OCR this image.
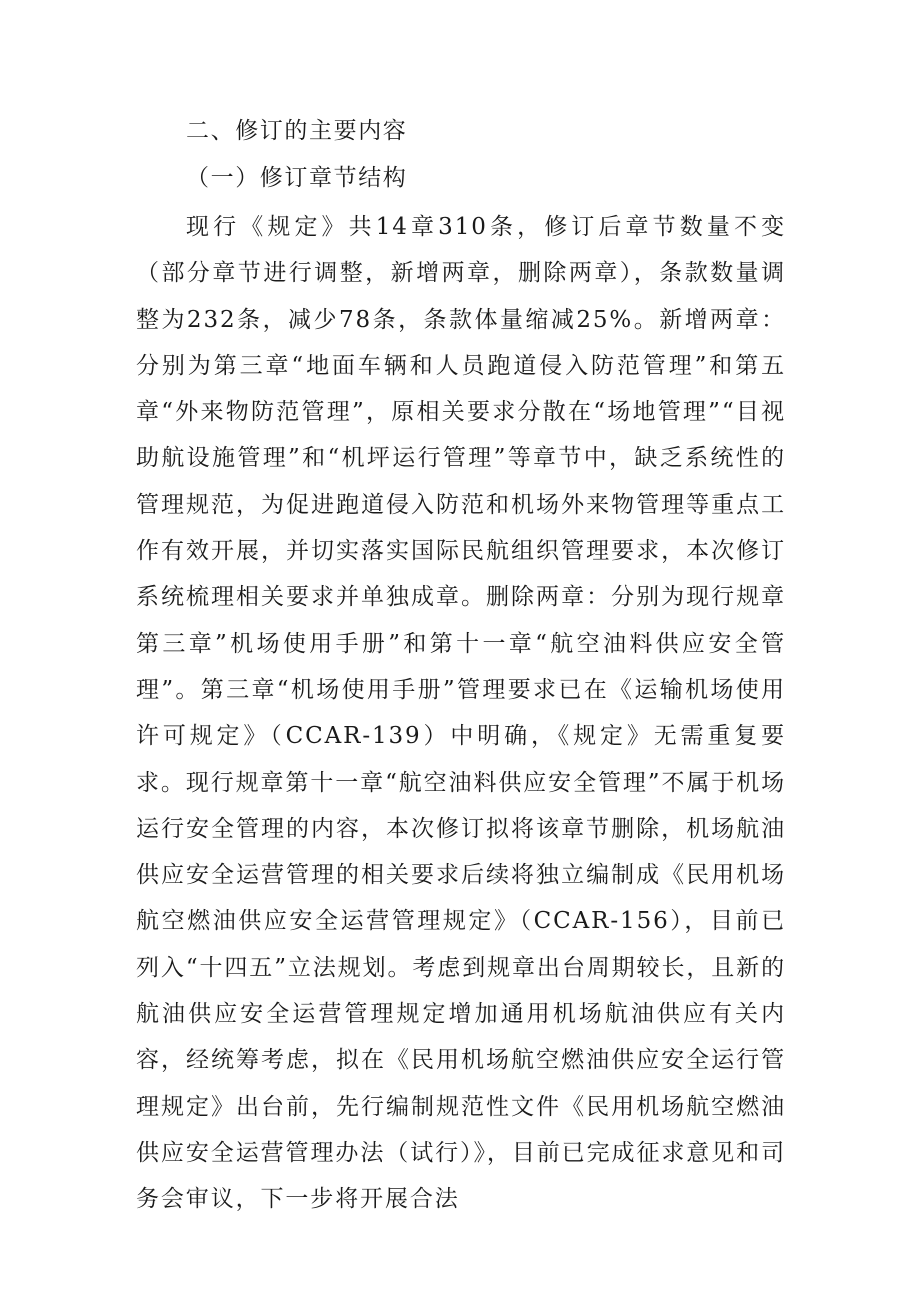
二、修订的主要内容
（一）修订章节结构
现行《规定》共14章310条，修订后章节数量不变（部分章节进行调整，新增两章，删除两章），条款数量调整为232条，减少78条，条款体量缩减25%。新增两章：分别为第三章“地面车辆和人员跑道侵入防范管理”和第五章“外来物防范管理”，原相关要求分散在“场地管理”“目视助航设施管理”和“机坪运行管理”等章节中，缺乏系统性的管理规范，为促进跑道侵入防范和机场外来物管理等重点工作有效开展，并切实落实国际民航组织管理要求，本次修订系统梳理相关要求并单独成章。删除两章：分别为现行规章第三章”机场使用手册”和第十一章“航空油料供应安全管理”。第三章“机场使用手册”管理要求已在《运输机场使用许可规定》（CCAR-139）中明确，《规定》无需重复要求。现行规章第十一章“航空油料供应安全管理”不属于机场运行安全管理的内容，本次修订拟将该章节删除，机场航油供应安全运营管理的相关要求后续将独立编制成《民用机场航空燃油供应安全运营管理规定》（CCAR-156），目前已列入“十四五”立法规划。考虑到规章出台周期较长，且新的航油供应安全运营管理规定增加通用机场航油供应有关内容，经统筹考虑，拟在《民用机场航空燃油供应安全运行管理规定》出台前，先行编制规范性文件《民用机场航空燃油供应安全运营管理办法（试行）》，目前已完成征求意见和司务会审议，下一步将开展合法
